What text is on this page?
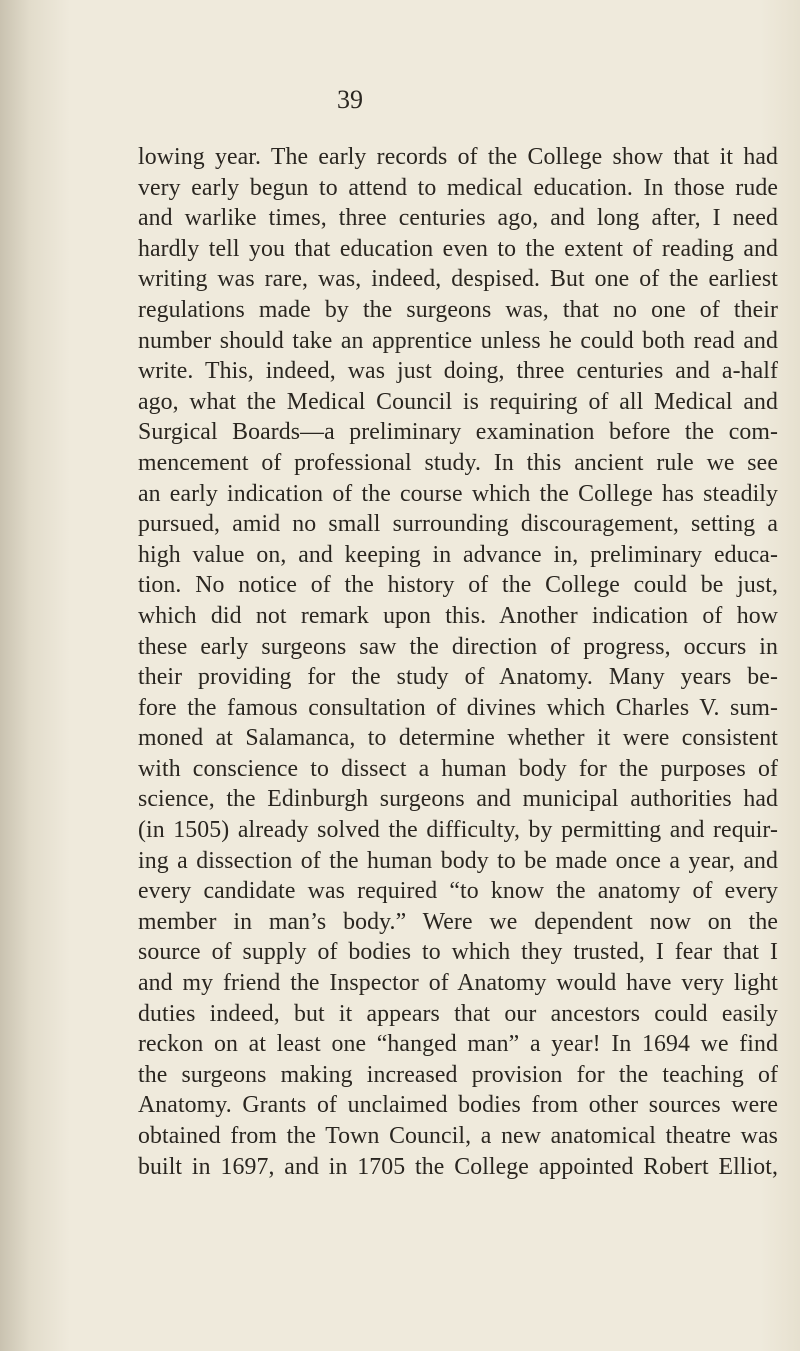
39
lowing year. The early records of the College show that it had
very early begun to attend to medical education. In those rude
and warlike times, three centuries ago, and long after, I need
hardly tell you that education even to the extent of reading and
writing was rare, was, indeed, despised. But one of the earliest
regulations made by the surgeons was, that no one of their
number should take an apprentice unless he could both read and
write. This, indeed, was just doing, three centuries and a-half
ago, what the Medical Council is requiring of all Medical and
Surgical Boards—a preliminary examination before the com-
mencement of professional study. In this ancient rule we see
an early indication of the course which the College has steadily
pursued, amid no small surrounding discouragement, setting a
high value on, and keeping in advance in, preliminary educa-
tion. No notice of the history of the College could be just,
which did not remark upon this. Another indication of how
these early surgeons saw the direction of progress, occurs in
their providing for the study of Anatomy. Many years be-
fore the famous consultation of divines which Charles V. sum-
moned at Salamanca, to determine whether it were consistent
with conscience to dissect a human body for the purposes of
science, the Edinburgh surgeons and municipal authorities had
(in 1505) already solved the difficulty, by permitting and requir-
ing a dissection of the human body to be made once a year, and
every candidate was required “to know the anatomy of every
member in man’s body.” Were we dependent now on the
source of supply of bodies to which they trusted, I fear that I
and my friend the Inspector of Anatomy would have very light
duties indeed, but it appears that our ancestors could easily
reckon on at least one “hanged man” a year! In 1694 we find
the surgeons making increased provision for the teaching of
Anatomy. Grants of unclaimed bodies from other sources were
obtained from the Town Council, a new anatomical theatre was
built in 1697, and in 1705 the College appointed Robert Elliot,
